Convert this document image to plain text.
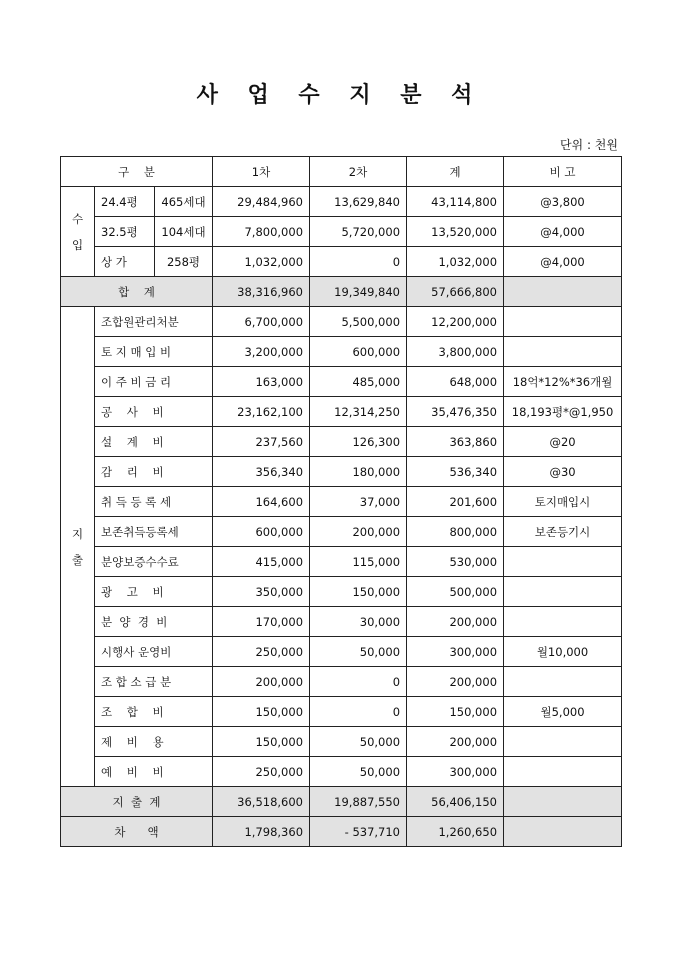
사 업 수 지 분 석
단위 : 천원
구    분			1차	2차	계	비 고

수
입	24.4평	465세대	29,484,960	13,629,840	43,114,800	@3,800
	32.5평	104세대	7,800,000	5,720,000	13,520,000	@4,000
	상 가	258평	1,032,000	0	1,032,000	@4,000
합    계			38,316,960	19,349,840	57,666,800	

지
출	조합원관리처분		6,700,000	5,500,000	12,200,000	
	토 지 매 입 비		3,200,000	600,000	3,800,000	
	이 주 비 금 리		163,000	485,000	648,000	18억*12%*36개월
	공    사    비		23,162,100	12,314,250	35,476,350	18,193평*@1,950
	설    계    비		237,560	126,300	363,860	@20
	감    리    비		356,340	180,000	536,340	@30
	취 득 등 록 세		164,600	37,000	201,600	토지매입시
	보존취득등록세		600,000	200,000	800,000	보존등기시
	분양보증수수료		415,000	115,000	530,000	
	광    고    비		350,000	150,000	500,000	
	분  양  경  비		170,000	30,000	200,000	
	시행사 운영비		250,000	50,000	300,000	월10,000
	조 합 소 급 분		200,000	0	200,000	
	조    합    비		150,000	0	150,000	월5,000
	제    비    용		150,000	50,000	200,000	
	예    비    비		250,000	50,000	300,000	
지  출  계			36,518,600	19,887,550	56,406,150	
차      액			1,798,360	- 537,710	1,260,650	
